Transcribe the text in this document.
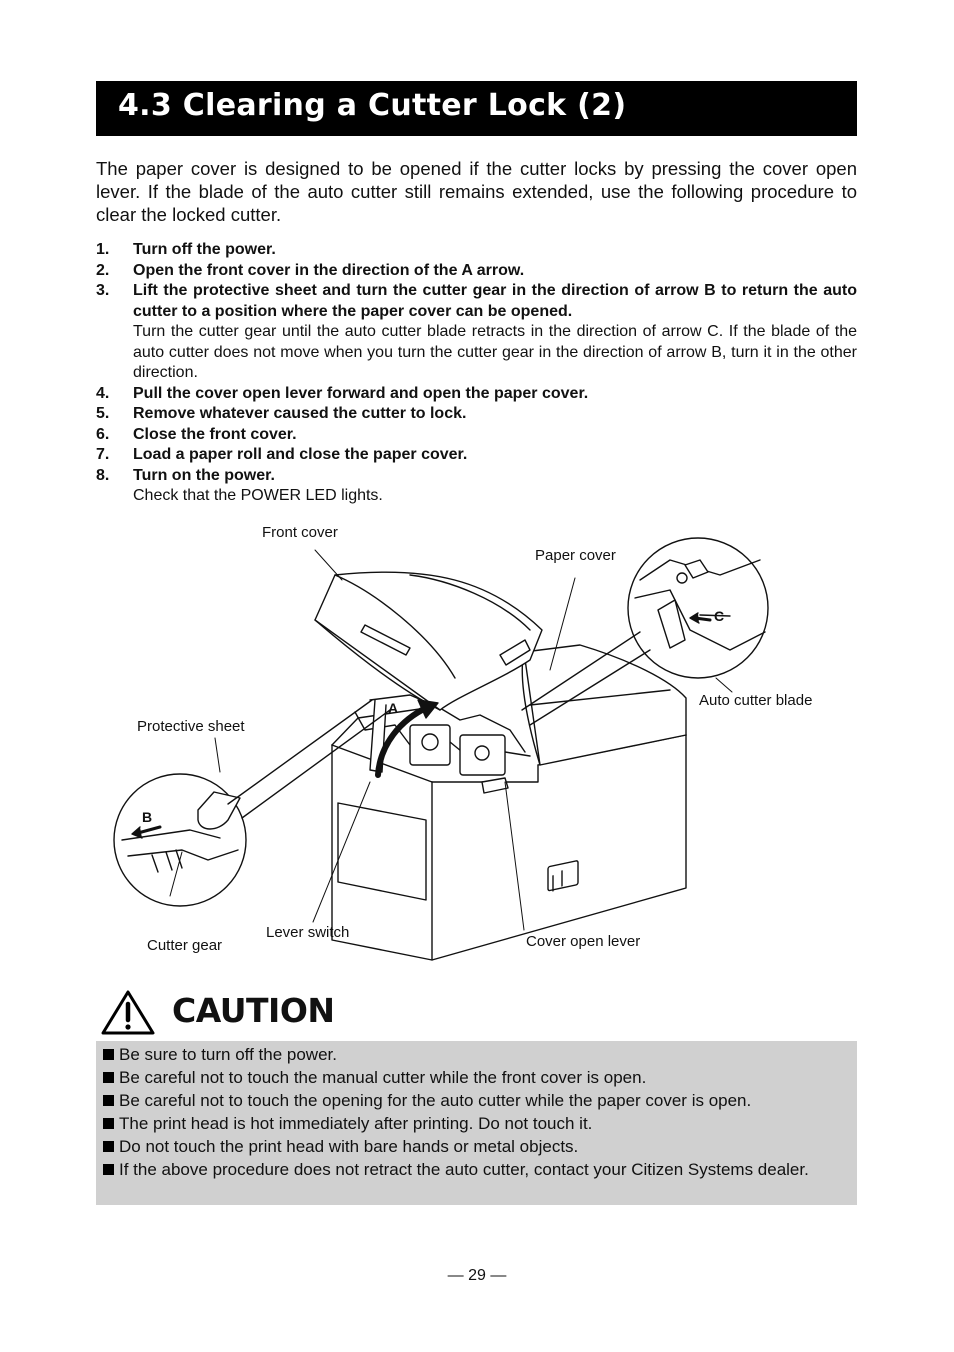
4.3 Clearing a Cutter Lock (2)

The paper cover is designed to be opened if the cutter locks by pressing the cover open lever. If the blade of the auto cutter still remains extended, use the following procedure to clear the locked cutter.

1. Turn off the power.
2. Open the front cover in the direction of the A arrow.
3. Lift the protective sheet and turn the cutter gear in the direction of arrow B to return the auto cutter to a position where the paper cover can be opened.
Turn the cutter gear until the auto cutter blade retracts in the direction of arrow C. If the blade of the auto cutter does not move when you turn the cutter gear in the direction of arrow B, turn it in the other direction.
4. Pull the cover open lever forward and open the paper cover.
5. Remove whatever caused the cutter to lock.
6. Close the front cover.
7. Load a paper roll and close the paper cover.
8. Turn on the power.
Check that the POWER LED lights.
Front cover
Paper cover
Auto cutter blade
Protective sheet
Cutter gear
Lever switch
Cover open lever
A
B
C
CAUTION
Be sure to turn off the power.
Be careful not to touch the manual cutter while the front cover is open.
Be careful not to touch the opening for the auto cutter while the paper cover is open.
The print head is hot immediately after printing. Do not touch it.
Do not touch the print head with bare hands or metal objects.
If the above procedure does not retract the auto cutter, contact your Citizen Systems dealer.
— 29 —
